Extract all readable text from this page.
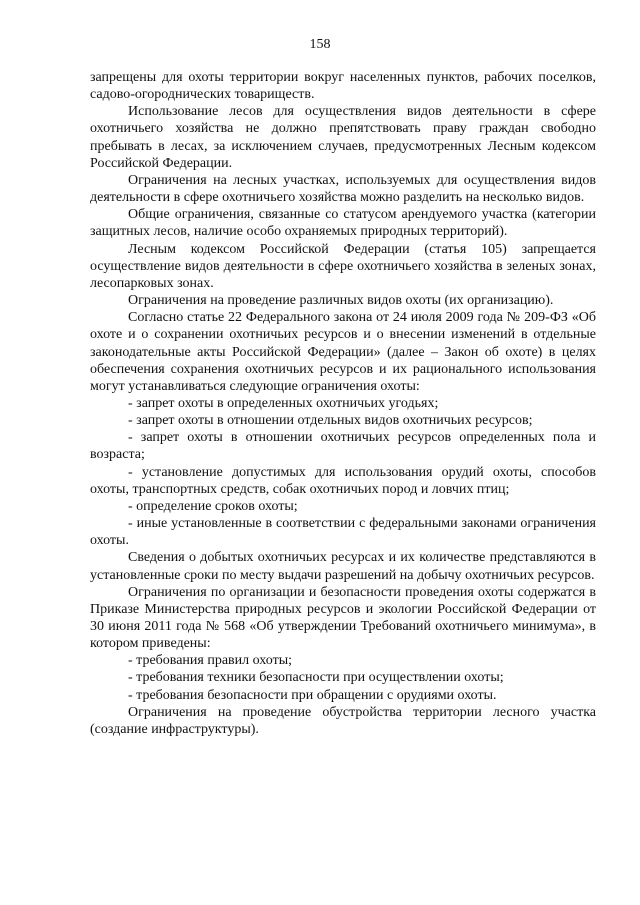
158

запрещены для охоты территории вокруг населенных пунктов, рабочих поселков, садово-огороднических товариществ.

Использование лесов для осуществления видов деятельности в сфере охотничьего хозяйства не должно препятствовать праву граждан свободно пребывать в лесах, за исключением случаев, предусмотренных Лесным кодексом Российской Федерации.

Ограничения на лесных участках, используемых для осуществления видов деятельности в сфере охотничьего хозяйства можно разделить на несколько видов.

Общие ограничения, связанные со статусом арендуемого участка (категории защитных лесов, наличие особо охраняемых природных территорий).

Лесным кодексом Российской Федерации (статья 105) запрещается осуществление видов деятельности в сфере охотничьего хозяйства в зеленых зонах, лесопарковых зонах.

Ограничения на проведение различных видов охоты (их организацию).

Согласно статье 22 Федерального закона от 24 июля 2009 года № 209-ФЗ «Об охоте и о сохранении охотничьих ресурсов и о внесении изменений в отдельные законодательные акты Российской Федерации» (далее – Закон об охоте) в целях обеспечения сохранения охотничьих ресурсов и их рационального использования могут устанавливаться следующие ограничения охоты:

- запрет охоты в определенных охотничьих угодьях;

- запрет охоты в отношении отдельных видов охотничьих ресурсов;

- запрет охоты в отношении охотничьих ресурсов определенных пола и возраста;

- установление допустимых для использования орудий охоты, способов охоты, транспортных средств, собак охотничьих пород и ловчих птиц;

- определение сроков охоты;

- иные установленные в соответствии с федеральными законами ограничения охоты.

Сведения о добытых охотничьих ресурсах и их количестве представляются в установленные сроки по месту выдачи разрешений на добычу охотничьих ресурсов.

Ограничения по организации и безопасности проведения охоты содержатся в Приказе Министерства природных ресурсов и экологии Российской Федерации от 30 июня 2011 года № 568 «Об утверждении Требований охотничьего минимума», в котором приведены:

- требования правил охоты;

- требования техники безопасности при осуществлении охоты;

- требования безопасности при обращении с орудиями охоты.

Ограничения на проведение обустройства территории лесного участка (создание инфраструктуры).
